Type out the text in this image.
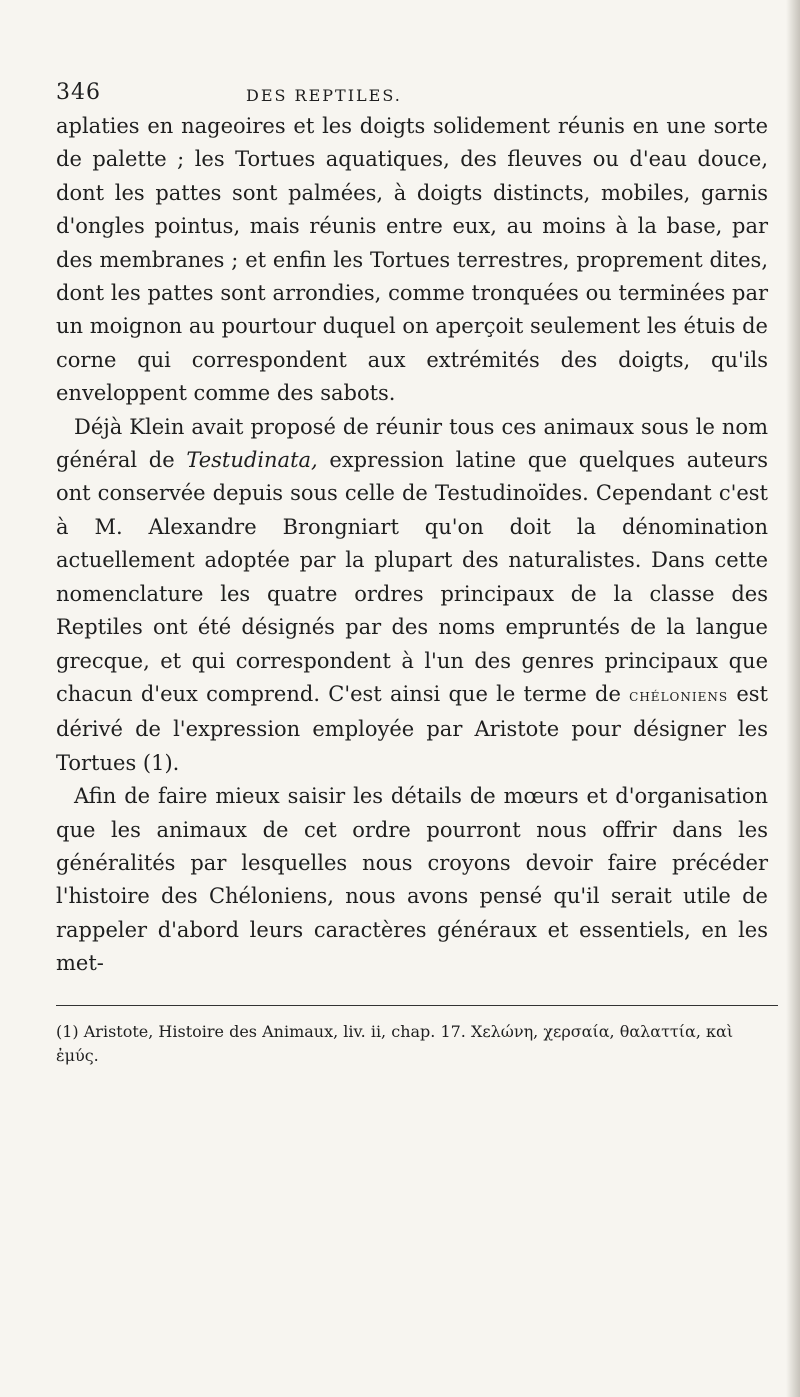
346	DES REPTILES.

aplaties en nageoires et les doigts solidement réunis en une sorte de palette ; les Tortues aquatiques, des fleuves ou d'eau douce, dont les pattes sont palmées, à doigts distincts, mobiles, garnis d'ongles pointus, mais réunis entre eux, au moins à la base, par des membranes ; et enfin les Tortues terrestres, proprement dites, dont les pattes sont arrondies, comme tronquées ou terminées par un moignon au pourtour duquel on aperçoit seulement les étuis de corne qui correspondent aux extrémités des doigts, qu'ils enveloppent comme des sabots.

Déjà Klein avait proposé de réunir tous ces animaux sous le nom général de Testudinata, expression latine que quelques auteurs ont conservée depuis sous celle de Testudinoïdes. Cependant c'est à M. Alexandre Brongniart qu'on doit la dénomination actuellement adoptée par la plupart des naturalistes. Dans cette nomenclature les quatre ordres principaux de la classe des Reptiles ont été désignés par des noms empruntés de la langue grecque, et qui correspondent à l'un des genres principaux que chacun d'eux comprend. C'est ainsi que le terme de chéloniens est dérivé de l'expression employée par Aristote pour désigner les Tortues (1).

Afin de faire mieux saisir les détails de mœurs et d'organisation que les animaux de cet ordre pourront nous offrir dans les généralités par lesquelles nous croyons devoir faire précéder l'histoire des Chéloniens, nous avons pensé qu'il serait utile de rappeler d'abord leurs caractères généraux et essentiels, en les met-

(1) Aristote, Histoire des Animaux, liv. ii, chap. 17. Χελώνη, χερσαία, θαλαττία, καὶ ἐμύς.
